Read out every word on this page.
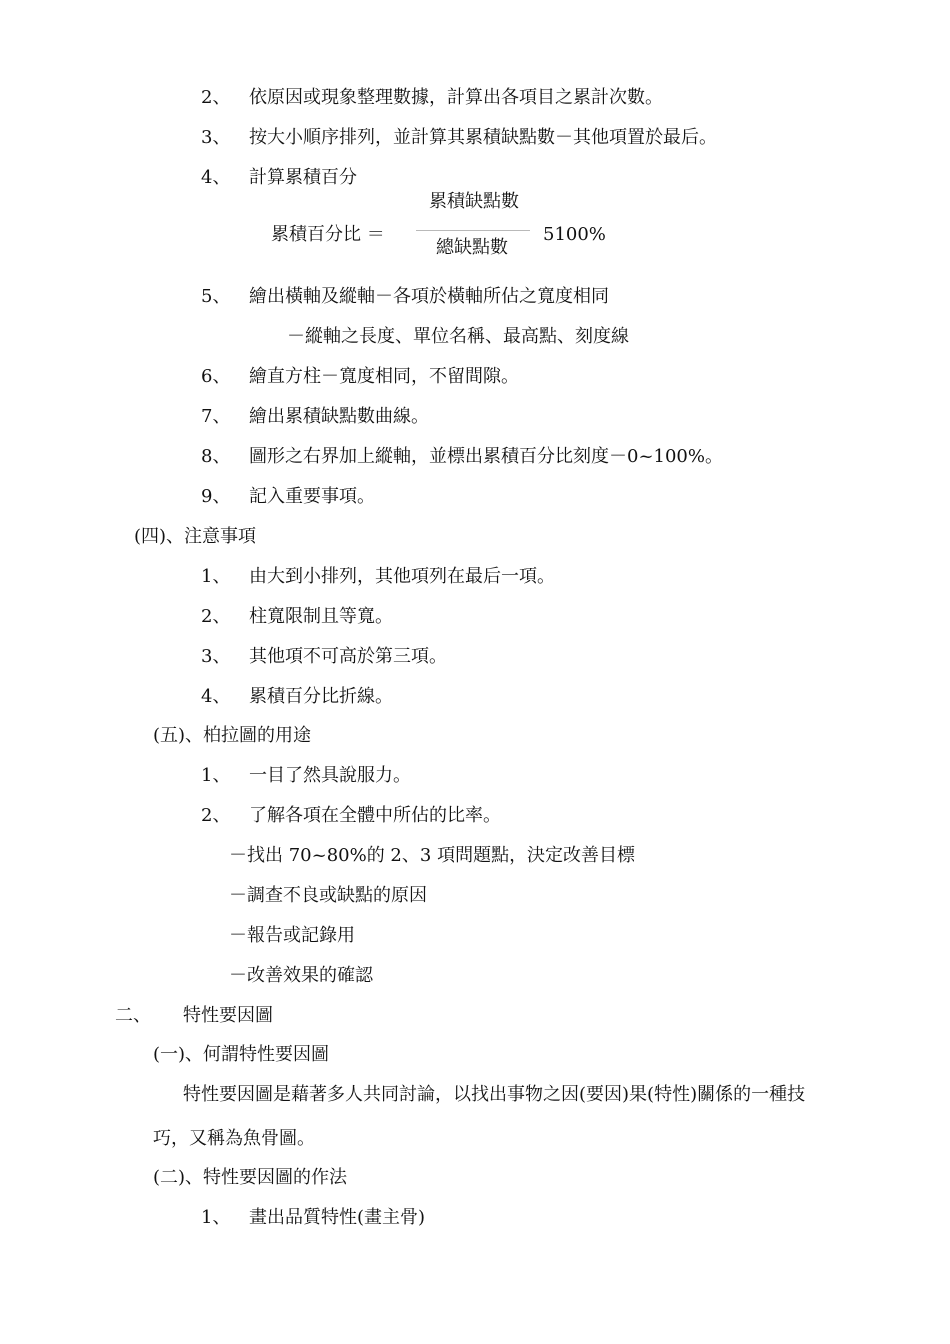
2、 依原因或現象整理數據，計算出各項目之累計次數。
3、 按大小順序排列，並計算其累積缺點數－其他項置於最后。
4、 計算累積百分
累積缺點數
累積百分比 ＝	5100%
總缺點數
5、 繪出橫軸及縱軸－各項於橫軸所佔之寬度相同
－縱軸之長度、單位名稱、最高點、刻度線
6、 繪直方柱－寬度相同，不留間隙。
7、 繪出累積缺點數曲線。
8、 圖形之右界加上縱軸，並標出累積百分比刻度－0~100%。
9、 記入重要事項。
(四)、注意事項
1、 由大到小排列，其他項列在最后一項。
2、 柱寬限制且等寬。
3、 其他項不可高於第三項。
4、 累積百分比折線。
(五)、柏拉圖的用途
1、 一目了然具說服力。
2、 了解各項在全體中所佔的比率。
－找出 70~80%的 2、3 項問題點，決定改善目標
－調查不良或缺點的原因
－報告或記錄用
－改善效果的確認
二、 特性要因圖
(一)、何謂特性要因圖
特性要因圖是藉著多人共同討論，以找出事物之因(要因)果(特性)關係的一種技
巧，又稱為魚骨圖。
(二)、特性要因圖的作法
1、 畫出品質特性(畫主骨)
